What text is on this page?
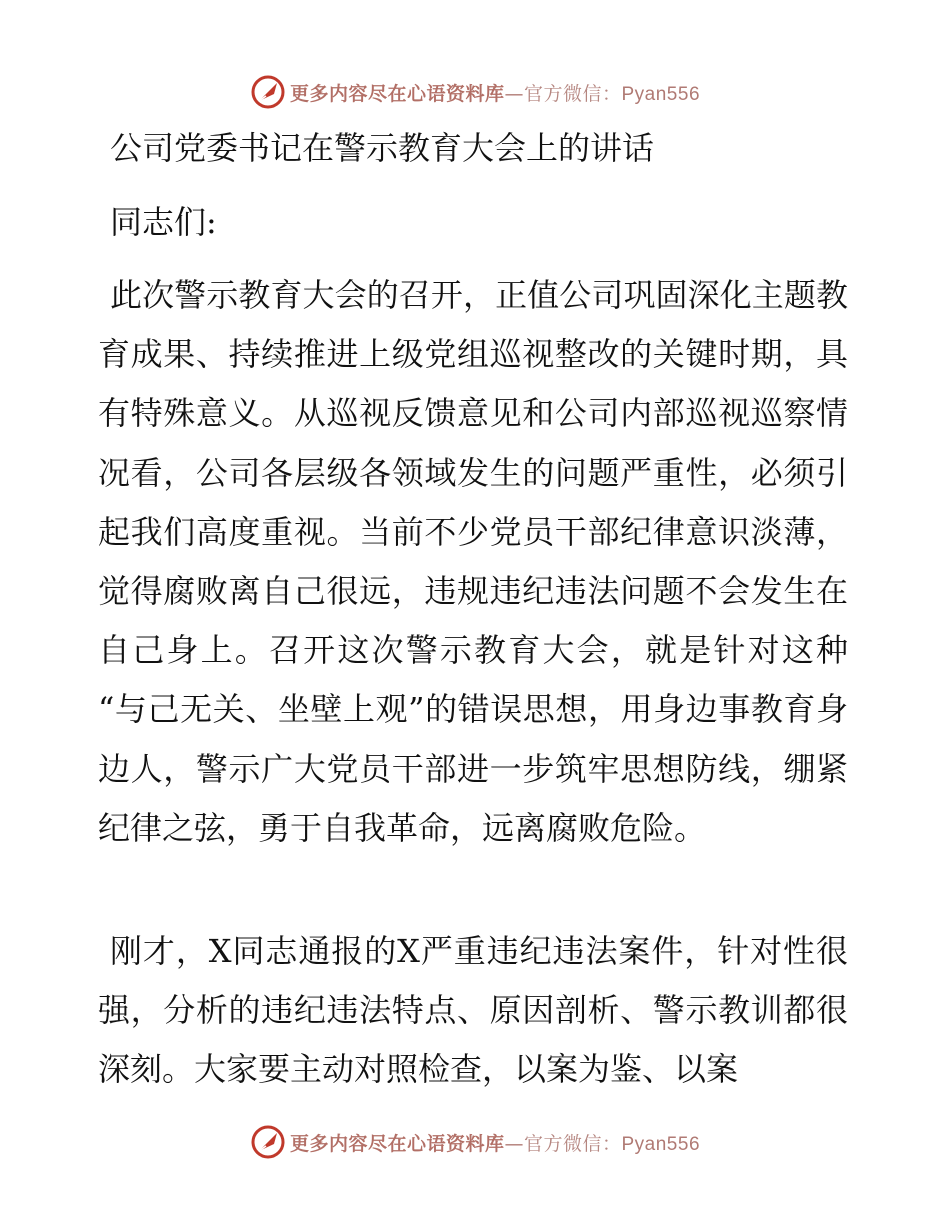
更多内容尽在心语资料库—官方微信：Pyan556
公司党委书记在警示教育大会上的讲话
同志们:

此次警示教育大会的召开，正值公司巩固深化主题教育成果、持续推进上级党组巡视整改的关键时期，具有特殊意义。从巡视反馈意见和公司内部巡视巡察情况看，公司各层级各领域发生的问题严重性，必须引起我们高度重视。当前不少党员干部纪律意识淡薄，觉得腐败离自己很远，违规违纪违法问题不会发生在自己身上。召开这次警示教育大会，就是针对这种 “与己无关、坐壁上观”的错误思想，用身边事教育身边人，警示广大党员干部进一步筑牢思想防线，绷紧纪律之弦，勇于自我革命，远离腐败危险。

刚才，X同志通报的X严重违纪违法案件，针对性很强，分析的违纪违法特点、原因剖析、警示教训都很深刻。大家要主动对照检查，以案为鉴、以案

更多内容尽在心语资料库—官方微信：Pyan556
